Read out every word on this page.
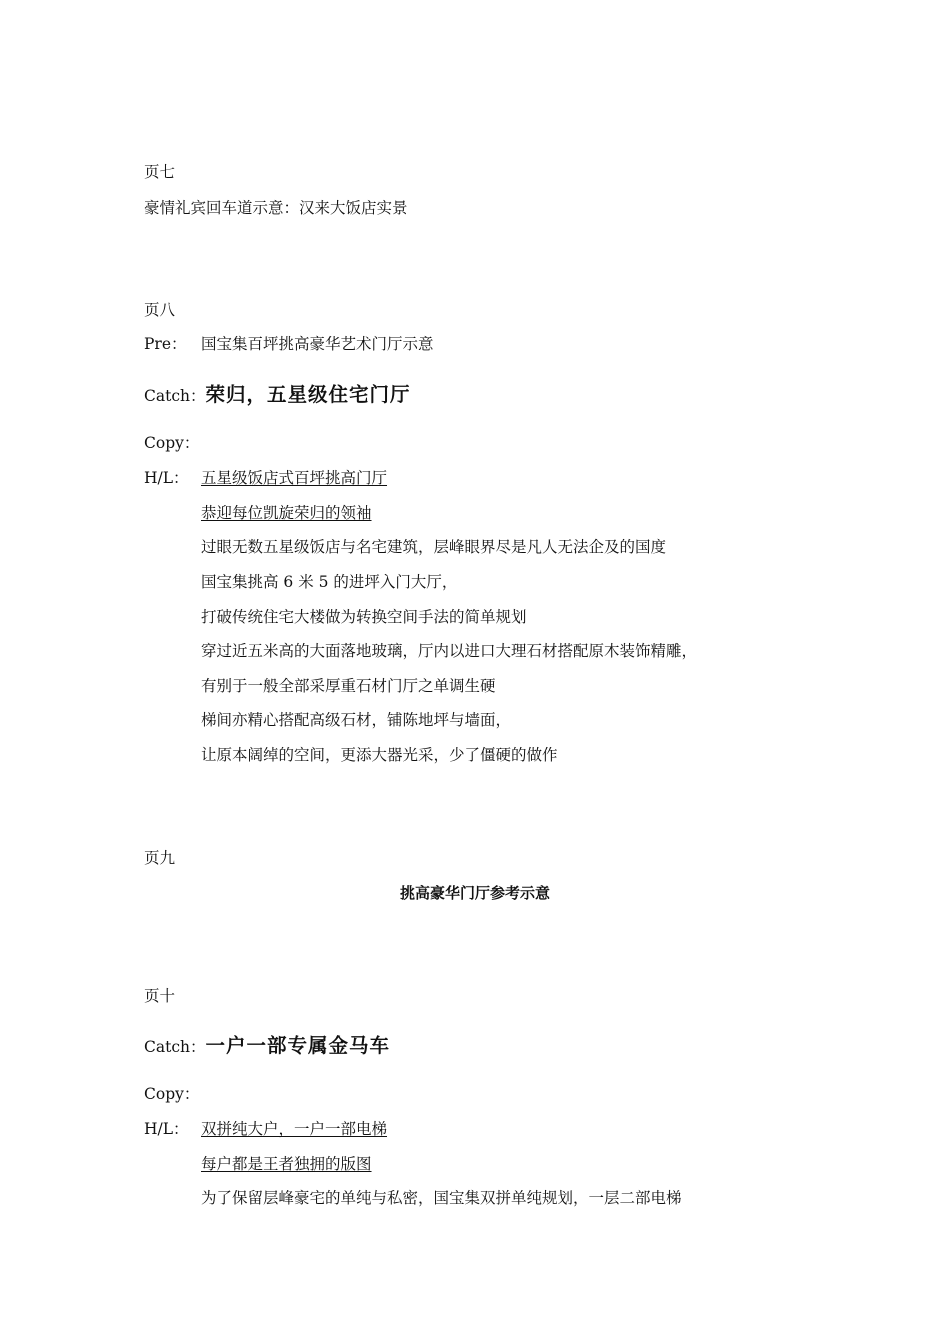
页七
豪情礼宾回车道示意：汉来大饭店实景
页八
Pre： 国宝集百坪挑高豪华艺术门厅示意
Catch：荣归，五星级住宅门厅
Copy：
H/L： 五星级饭店式百坪挑高门厅
恭迎每位凯旋荣归的领袖
过眼无数五星级饭店与名宅建筑，层峰眼界尽是凡人无法企及的国度
国宝集挑高 6 米 5 的进坪入门大厅，
打破传统住宅大楼做为转换空间手法的简单规划
穿过近五米高的大面落地玻璃，厅内以进口大理石材搭配原木装饰精雕，
有别于一般全部采厚重石材门厅之单调生硬
梯间亦精心搭配高级石材，铺陈地坪与墙面，
让原本阔绰的空间，更添大器光采，少了僵硬的做作
页九
挑高豪华门厅参考示意
页十
Catch：一户一部专属金马车
Copy：
H/L： 双拼纯大户，一户一部电梯
每户都是王者独拥的版图
为了保留层峰豪宅的单纯与私密，国宝集双拼单纯规划，一层二部电梯
